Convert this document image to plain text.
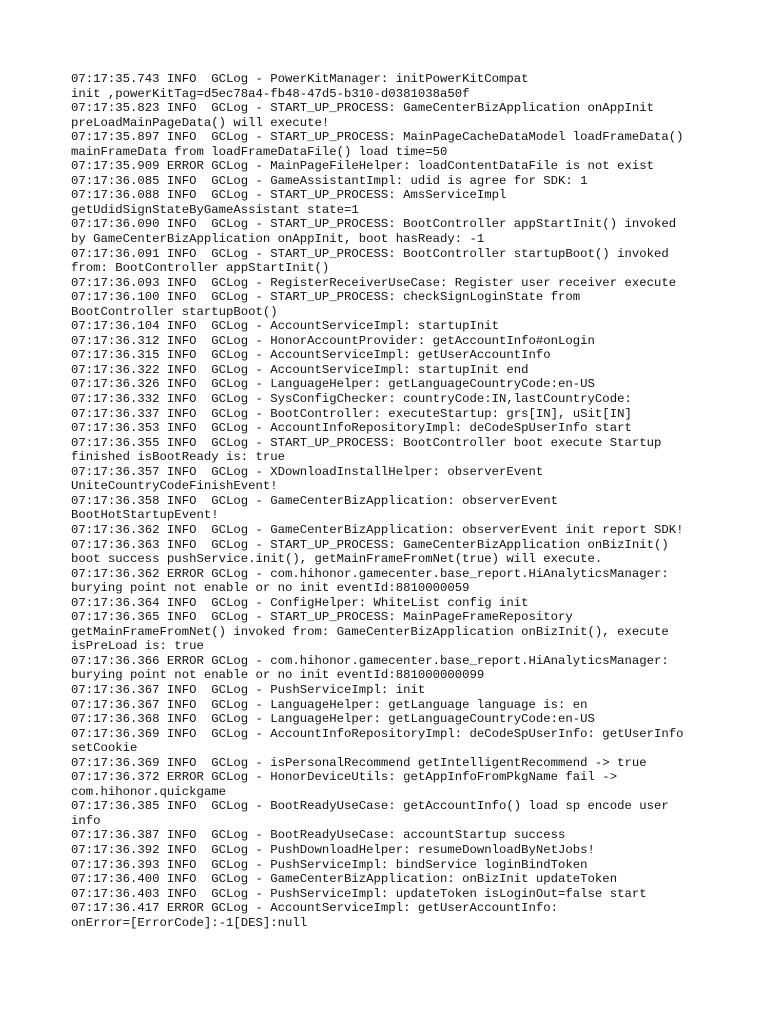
07:17:35.743 INFO  GCLog - PowerKitManager: initPowerKitCompat
init ,powerKitTag=d5ec78a4-fb48-47d5-b310-d0381038a50f
07:17:35.823 INFO  GCLog - START_UP_PROCESS: GameCenterBizApplication onAppInit
preLoadMainPageData() will execute!
07:17:35.897 INFO  GCLog - START_UP_PROCESS: MainPageCacheDataModel loadFrameData()
mainFrameData from loadFrameDataFile() load time=50
07:17:35.909 ERROR GCLog - MainPageFileHelper: loadContentDataFile is not exist
07:17:36.085 INFO  GCLog - GameAssistantImpl: udid is agree for SDK: 1
07:17:36.088 INFO  GCLog - START_UP_PROCESS: AmsServiceImpl
getUdidSignStateByGameAssistant state=1
07:17:36.090 INFO  GCLog - START_UP_PROCESS: BootController appStartInit() invoked
by GameCenterBizApplication onAppInit, boot hasReady: -1
07:17:36.091 INFO  GCLog - START_UP_PROCESS: BootController startupBoot() invoked
from: BootController appStartInit()
07:17:36.093 INFO  GCLog - RegisterReceiverUseCase: Register user receiver execute
07:17:36.100 INFO  GCLog - START_UP_PROCESS: checkSignLoginState from
BootController startupBoot()
07:17:36.104 INFO  GCLog - AccountServiceImpl: startupInit
07:17:36.312 INFO  GCLog - HonorAccountProvider: getAccountInfo#onLogin
07:17:36.315 INFO  GCLog - AccountServiceImpl: getUserAccountInfo
07:17:36.322 INFO  GCLog - AccountServiceImpl: startupInit end
07:17:36.326 INFO  GCLog - LanguageHelper: getLanguageCountryCode:en-US
07:17:36.332 INFO  GCLog - SysConfigChecker: countryCode:IN,lastCountryCode:
07:17:36.337 INFO  GCLog - BootController: executeStartup: grs[IN], uSit[IN]
07:17:36.353 INFO  GCLog - AccountInfoRepositoryImpl: deCodeSpUserInfo start
07:17:36.355 INFO  GCLog - START_UP_PROCESS: BootController boot execute Startup
finished isBootReady is: true
07:17:36.357 INFO  GCLog - XDownloadInstallHelper: observerEvent
UniteCountryCodeFinishEvent!
07:17:36.358 INFO  GCLog - GameCenterBizApplication: observerEvent
BootHotStartupEvent!
07:17:36.362 INFO  GCLog - GameCenterBizApplication: observerEvent init report SDK!
07:17:36.363 INFO  GCLog - START_UP_PROCESS: GameCenterBizApplication onBizInit()
boot success pushService.init(), getMainFrameFromNet(true) will execute.
07:17:36.362 ERROR GCLog - com.hihonor.gamecenter.base_report.HiAnalyticsManager:
burying point not enable or no init eventId:8810000059
07:17:36.364 INFO  GCLog - ConfigHelper: WhiteList config init
07:17:36.365 INFO  GCLog - START_UP_PROCESS: MainPageFrameRepository
getMainFrameFromNet() invoked from: GameCenterBizApplication onBizInit(), execute
isPreLoad is: true
07:17:36.366 ERROR GCLog - com.hihonor.gamecenter.base_report.HiAnalyticsManager:
burying point not enable or no init eventId:881000000099
07:17:36.367 INFO  GCLog - PushServiceImpl: init
07:17:36.367 INFO  GCLog - LanguageHelper: getLanguage language is: en
07:17:36.368 INFO  GCLog - LanguageHelper: getLanguageCountryCode:en-US
07:17:36.369 INFO  GCLog - AccountInfoRepositoryImpl: deCodeSpUserInfo: getUserInfo
setCookie
07:17:36.369 INFO  GCLog - isPersonalRecommend getIntelligentRecommend -> true
07:17:36.372 ERROR GCLog - HonorDeviceUtils: getAppInfoFromPkgName fail ->
com.hihonor.quickgame
07:17:36.385 INFO  GCLog - BootReadyUseCase: getAccountInfo() load sp encode user
info
07:17:36.387 INFO  GCLog - BootReadyUseCase: accountStartup success
07:17:36.392 INFO  GCLog - PushDownloadHelper: resumeDownloadByNetJobs!
07:17:36.393 INFO  GCLog - PushServiceImpl: bindService loginBindToken
07:17:36.400 INFO  GCLog - GameCenterBizApplication: onBizInit updateToken
07:17:36.403 INFO  GCLog - PushServiceImpl: updateToken isLoginOut=false start
07:17:36.417 ERROR GCLog - AccountServiceImpl: getUserAccountInfo:
onError=[ErrorCode]:-1[DES]:null
